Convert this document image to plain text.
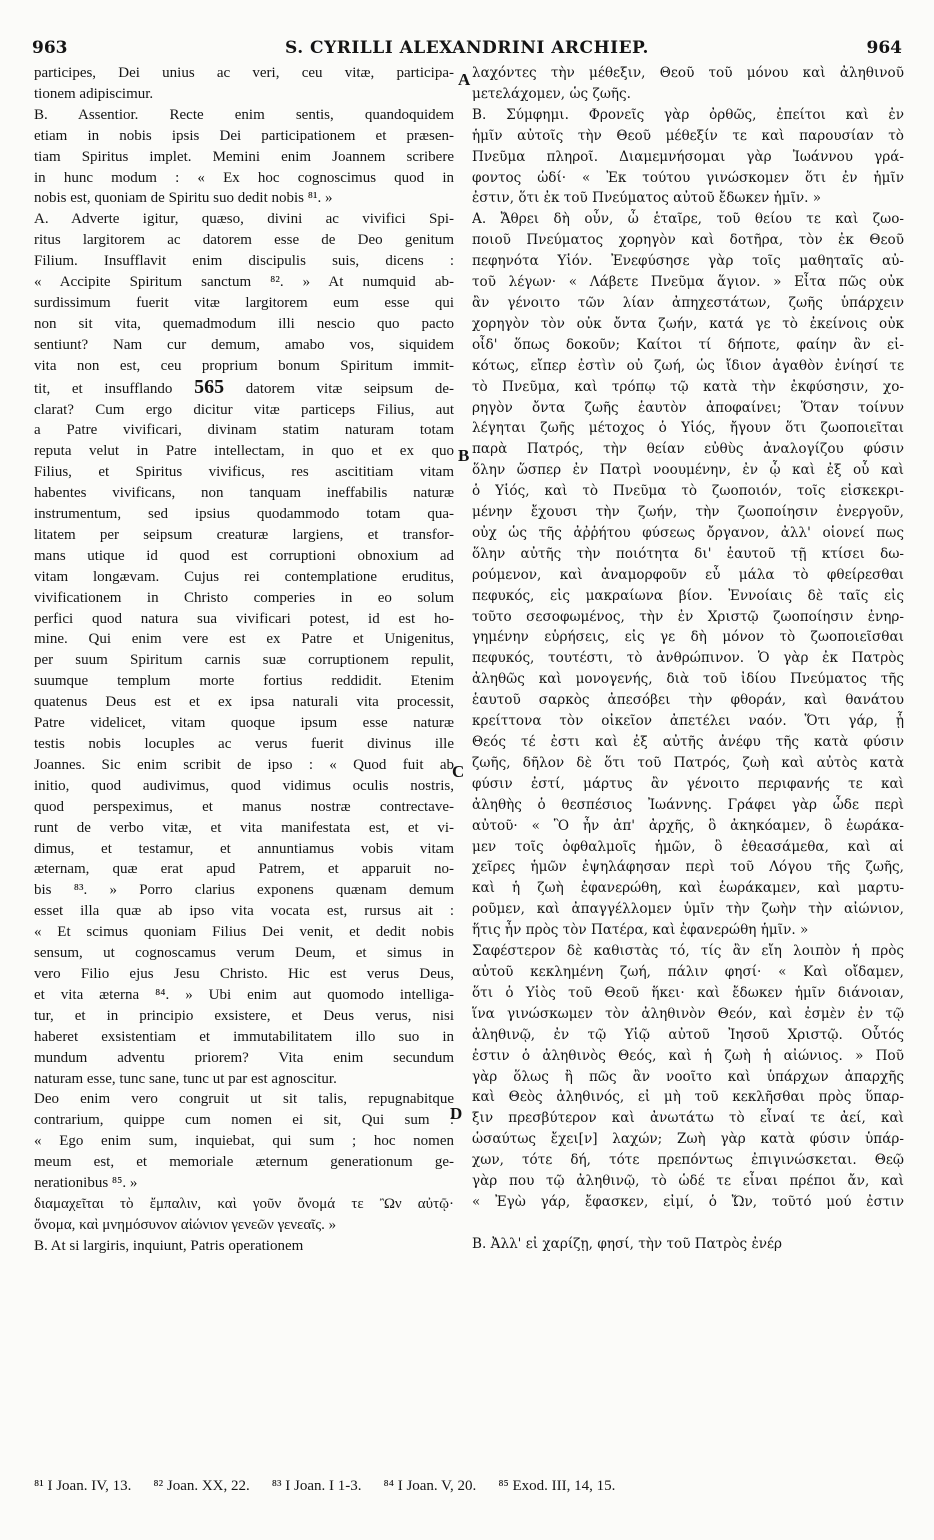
963	S. CYRILLI ALEXANDRINI ARCHIEP.	964
participes, Dei unius ac veri, ceu vitæ, participa-
tionem adipiscimur.
B. Assentior. Recte enim sentis, quandoquidem
etiam in nobis ipsis Dei participationem et præsen-
tiam Spiritus implet. Memini enim Joannem scribere
in hunc modum : « Ex hoc cognoscimus quod in
nobis est, quoniam de Spiritu suo dedit nobis ⁸¹. »
A. Adverte igitur, quæso, divini ac vivifici Spi-
ritus largitorem ac datorem esse de Deo genitum
Filium. Insufflavit enim discipulis suis, dicens :
« Accipite Spiritum sanctum ⁸². » At numquid ab-
surdissimum fuerit vitæ largitorem eum esse qui
non sit vita, quemadmodum illi nescio quo pacto
sentiunt? Nam cur demum, amabo vos, siquidem
vita non est, ceu proprium bonum Spiritum immit-
tit, et insufflando 565 datorem vitæ seipsum de-
clarat? Cum ergo dicitur vitæ particeps Filius, aut
a Patre vivificari, divinam statim naturam totam
reputa velut in Patre intellectam, in quo et ex quo
Filius, et Spiritus vivificus, res ascititiam vitam
habentes vivificans, non tanquam ineffabilis naturæ
instrumentum, sed ipsius quodammodo totam qua-
litatem per seipsum creaturæ largiens, et transfor-
mans utique id quod est corruptioni obnoxium ad
vitam longævam. Cujus rei contemplatione eruditus,
vivificationem in Christo comperies in eo solum
perfici quod natura sua vivificari potest, id est ho-
mine. Qui enim vere est ex Patre et Unigenitus,
per suum Spiritum carnis suæ corruptionem repulit,
suumque templum morte fortius reddidit. Etenim
quatenus Deus est et ex ipsa naturali vita processit,
Patre videlicet, vitam quoque ipsum esse naturæ
testis nobis locuples ac verus fuerit divinus ille
Joannes. Sic enim scribit de ipso : « Quod fuit ab
initio, quod audivimus, quod vidimus oculis nostris,
quod perspeximus, et manus nostræ contrectave-
runt de verbo vitæ, et vita manifestata est, et vi-
dimus, et testamur, et annuntiamus vobis vitam
æternam, quæ erat apud Patrem, et apparuit no-
bis ⁸³. » Porro clarius exponens quænam demum
esset illa quæ ab ipso vita vocata est, rursus ait :
« Et scimus quoniam Filius Dei venit, et dedit nobis
sensum, ut cognoscamus verum Deum, et simus in
vero Filio ejus Jesu Christo. Hic est verus Deus,
et vita æterna ⁸⁴. » Ubi enim aut quomodo intelliga-
tur, et in principio exsistere, et Deus verus, nisi
haberet exsistentiam et immutabilitatem illo suo in
mundum adventu priorem? Vita enim secundum
naturam esse, tunc sane, tunc ut par est agnoscitur.
Deo enim vero congruit ut sit talis, repugnabitque
contrarium, quippe cum nomen ei sit, Qui sum :
« Ego enim sum, inquiebat, qui sum ; hoc nomen
meum est, et memoriale æternum generationum ge-
nerationibus ⁸⁵. »
διαμαχεῖται τὸ ἔμπαλιν, καὶ γοῦν ὄνομά τε Ὢν αὐτῷ·
ὄνομα, καὶ μνημόσυνον αἰώνιον γενεῶν γενεαῖς. »
B. At si largiris, inquiunt, Patris operationem
λαχόντες τὴν μέθεξιν, Θεοῦ τοῦ μόνου καὶ ἀληθινοῦ
μετελάχομεν, ὡς ζωῆς.
B. Σύμφημι. Φρονεῖς γὰρ ὀρθῶς, ἐπείτοι καὶ ἐν
ἡμῖν αὐτοῖς τὴν Θεοῦ μέθεξίν τε καὶ παρουσίαν τὸ
Πνεῦμα πληροῖ. Διαμεμνήσομαι γὰρ Ἰωάννου γρά-
φοντος ὡδί· « Ἐκ τούτου γινώσκομεν ὅτι ἐν ἡμῖν
ἐστιν, ὅτι ἐκ τοῦ Πνεύματος αὐτοῦ ἔδωκεν ἡμῖν. »
A. Ἄθρει δὴ οὖν, ὦ ἑταῖρε, τοῦ θείου τε καὶ ζωο-
ποιοῦ Πνεύματος χορηγὸν καὶ δοτῆρα, τὸν ἐκ Θεοῦ
πεφηνότα Υἱόν. Ἐνεφύσησε γὰρ τοῖς μαθηταῖς αὐ-
τοῦ λέγων· « Λάβετε Πνεῦμα ἅγιον. » Εἶτα πῶς οὐκ
ἂν γένοιτο τῶν λίαν ἀπηχεστάτων, ζωῆς ὑπάρχειν
χορηγὸν τὸν οὐκ ὄντα ζωήν, κατά γε τὸ ἐκείνοις οὐκ
οἶδ' ὅπως δοκοῦν; Καίτοι τί δήποτε, φαίην ἂν εἰ-
κότως, εἴπερ ἐστὶν οὐ ζωή, ὡς ἴδιον ἀγαθὸν ἐνίησί τε
τὸ Πνεῦμα, καὶ τρόπῳ τῷ κατὰ τὴν ἐκφύσησιν, χο-
ρηγὸν ὄντα ζωῆς ἑαυτὸν ἀποφαίνει; Ὅταν τοίνυν
λέγηται ζωῆς μέτοχος ὁ Υἱός, ἤγουν ὅτι ζωοποιεῖται
παρὰ Πατρός, τὴν θείαν εὐθὺς ἀναλογίζου φύσιν
ὅλην ὥσπερ ἐν Πατρὶ νοουμένην, ἐν ᾧ καὶ ἐξ οὗ καὶ
ὁ Υἱός, καὶ τὸ Πνεῦμα τὸ ζωοποιόν, τοῖς εἰσκεκρι-
μένην ἔχουσι τὴν ζωήν, τὴν ζωοποίησιν ἐνεργοῦν,
οὐχ ὡς τῆς ἀῤῥήτου φύσεως ὄργανον, ἀλλ' οἱονεί πως
ὅλην αὐτῆς τὴν ποιότητα δι' ἑαυτοῦ τῇ κτίσει δω-
ρούμενον, καὶ ἀναμορφοῦν εὖ μάλα τὸ φθείρεσθαι
πεφυκός, εἰς μακραίωνα βίον. Ἐννοίαις δὲ ταῖς εἰς
τοῦτο σεσοφωμένος, τὴν ἐν Χριστῷ ζωοποίησιν ἐνηρ-
γημένην εὑρήσεις, εἰς γε δὴ μόνον τὸ ζωοποιεῖσθαι
πεφυκός, τουτέστι, τὸ ἀνθρώπινον. Ὁ γὰρ ἐκ Πατρὸς
ἀληθῶς καὶ μονογενής, διὰ τοῦ ἰδίου Πνεύματος τῆς
ἑαυτοῦ σαρκὸς ἀπεσόβει τὴν φθοράν, καὶ θανάτου
κρείττονα τὸν οἰκεῖον ἀπετέλει ναόν. Ὅτι γάρ, ᾗ
Θεός τέ ἐστι καὶ ἐξ αὐτῆς ἀνέφυ τῆς κατὰ φύσιν
ζωῆς, δῆλον δὲ ὅτι τοῦ Πατρός, ζωὴ καὶ αὐτὸς κατὰ
φύσιν ἐστί, μάρτυς ἂν γένοιτο περιφανής τε καὶ
ἀληθὴς ὁ θεσπέσιος Ἰωάννης. Γράφει γὰρ ὧδε περὶ
αὐτοῦ· « Ὃ ἦν ἀπ' ἀρχῆς, ὃ ἀκηκόαμεν, ὃ ἑωράκα-
μεν τοῖς ὀφθαλμοῖς ἡμῶν, ὃ ἐθεασάμεθα, καὶ αἱ
χεῖρες ἡμῶν ἐψηλάφησαν περὶ τοῦ Λόγου τῆς ζωῆς,
καὶ ἡ ζωὴ ἐφανερώθη, καὶ ἑωράκαμεν, καὶ μαρτυ-
ροῦμεν, καὶ ἀπαγγέλλομεν ὑμῖν τὴν ζωὴν τὴν αἰώνιον,
ἥτις ἦν πρὸς τὸν Πατέρα, καὶ ἐφανερώθη ἡμῖν. »
Σαφέστερον δὲ καθιστὰς τό, τίς ἂν εἴη λοιπὸν ἡ πρὸς
αὐτοῦ κεκλημένη ζωή, πάλιν φησί· « Καὶ οἴδαμεν,
ὅτι ὁ Υἱὸς τοῦ Θεοῦ ἥκει· καὶ ἔδωκεν ἡμῖν διάνοιαν,
ἵνα γινώσκωμεν τὸν ἀληθινὸν Θεόν, καὶ ἐσμὲν ἐν τῷ
ἀληθινῷ, ἐν τῷ Υἱῷ αὐτοῦ Ἰησοῦ Χριστῷ. Οὗτός
ἐστιν ὁ ἀληθινὸς Θεός, καὶ ἡ ζωὴ ἡ αἰώνιος. » Ποῦ
γὰρ ὅλως ἢ πῶς ἂν νοοῖτο καὶ ὑπάρχων ἀπαρχῆς
καὶ Θεὸς ἀληθινός, εἰ μὴ τοῦ κεκλῆσθαι πρὸς ὕπαρ-
ξιν πρεσβύτερον καὶ ἀνωτάτω τὸ εἶναί τε ἀεί, καὶ
ὡσαύτως ἔχει[ν] λαχών; Ζωὴ γὰρ κατὰ φύσιν ὑπάρ-
χων, τότε δή, τότε πρεπόντως ἐπιγινώσκεται. Θεῷ
γὰρ που τῷ ἀληθινῷ, τὸ ὡδέ τε εἶναι πρέποι ἄν, καὶ
« Ἐγὼ γάρ, ἔφασκεν, εἰμί, ὁ Ὤν, τοῦτό μού ἐστιν

B. Ἀλλ' εἰ χαρίζῃ, φησί, τὴν τοῦ Πατρὸς ἐνέρ
A
B
C
D
⁸¹ I Joan. IV, 13. ⁸² Joan. XX, 22. ⁸³ I Joan. I 1-3. ⁸⁴ I Joan. V, 20. ⁸⁵ Exod. III, 14, 15.
